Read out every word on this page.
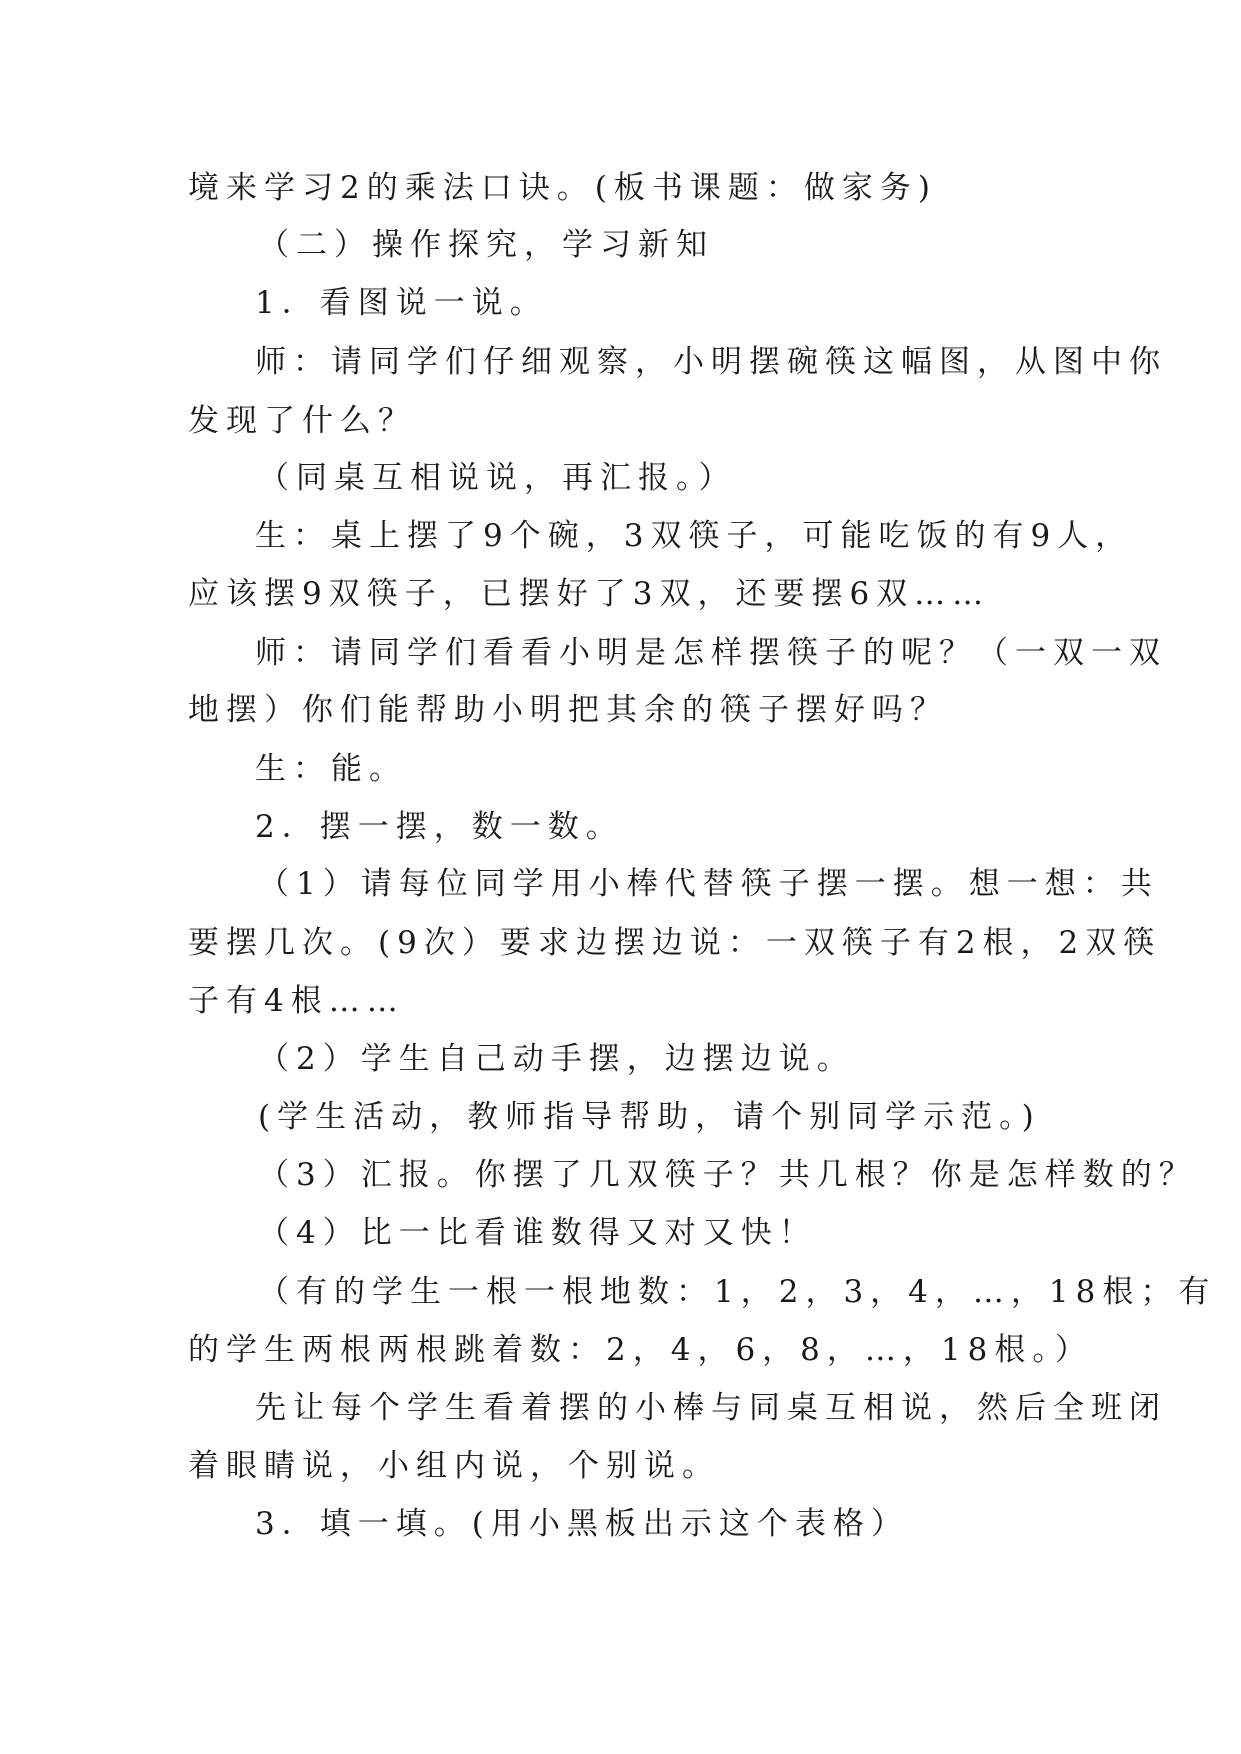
境来学习2的乘法口诀。(板书课题：做家务)
（二）操作探究，学习新知
1．看图说一说。
师：请同学们仔细观察，小明摆碗筷这幅图，从图中你
发现了什么？
（同桌互相说说，再汇报。）
生：桌上摆了9个碗，3双筷子，可能吃饭的有9人，
应该摆9双筷子，已摆好了3双，还要摆6双……
师：请同学们看看小明是怎样摆筷子的呢？（一双一双
地摆）你们能帮助小明把其余的筷子摆好吗？
生：能。
2．摆一摆，数一数。
（1）请每位同学用小棒代替筷子摆一摆。想一想：共
要摆几次。(9次）要求边摆边说：一双筷子有2根，2双筷
子有4根……
（2）学生自己动手摆，边摆边说。
(学生活动，教师指导帮助，请个别同学示范。)
（3）汇报。你摆了几双筷子？共几根？你是怎样数的？
（4）比一比看谁数得又对又快！
（有的学生一根一根地数：1，2，3，4，…，18根；有
的学生两根两根跳着数：2，4，6，8，…，18根。）
先让每个学生看着摆的小棒与同桌互相说，然后全班闭
着眼睛说，小组内说，个别说。
3．填一填。(用小黑板出示这个表格）
